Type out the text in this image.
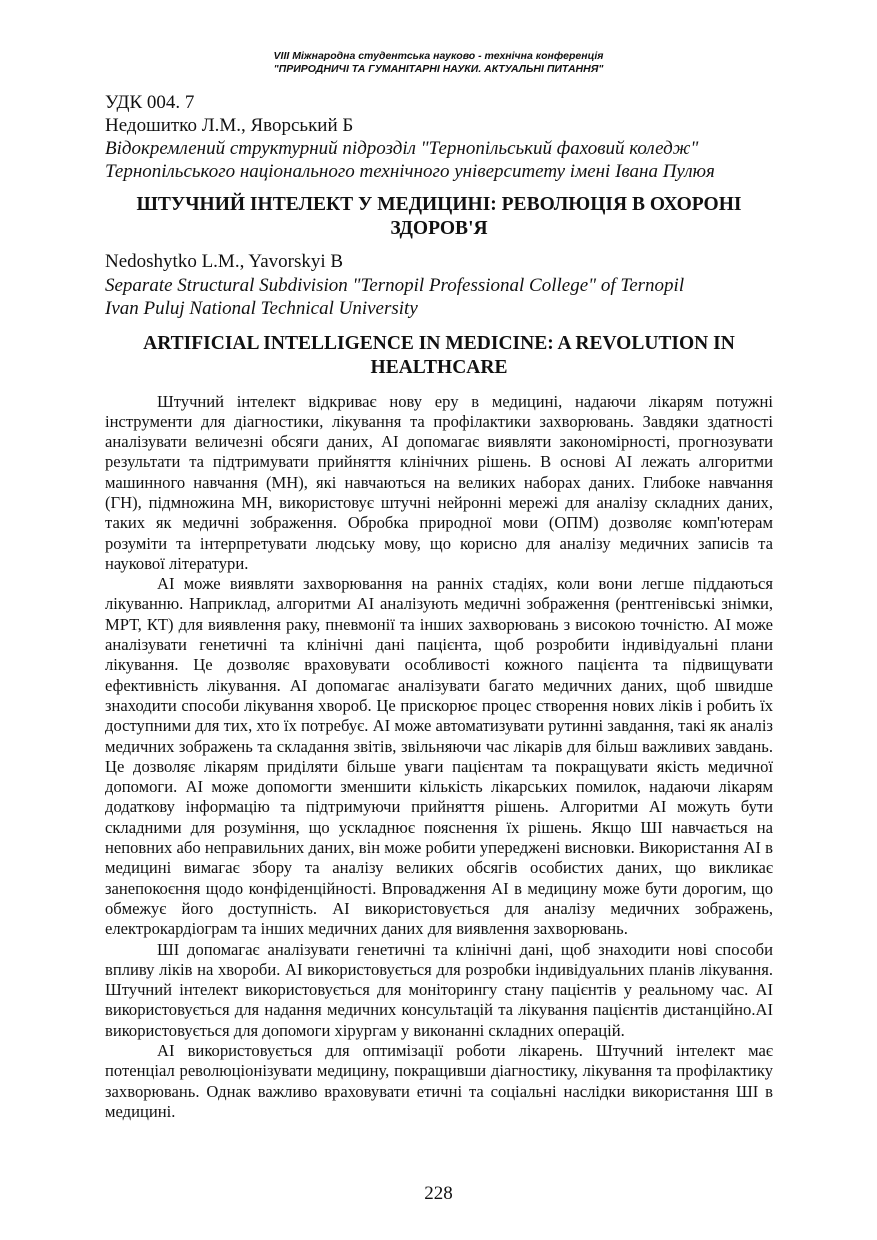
VIII Міжнародна студентська науково - технічна конференція
"ПРИРОДНИЧІ ТА ГУМАНІТАРНІ НАУКИ. АКТУАЛЬНІ ПИТАННЯ"

УДК 004. 7

Недошитко Л.М., Яворський Б

Відокремлений структурний підрозділ "Тернопільський фаховий коледж"

Тернопільського національного технічного університету імені Івана Пулюя

ШТУЧНИЙ ІНТЕЛЕКТ У МЕДИЦИНІ: РЕВОЛЮЦІЯ В ОХОРОНІ
ЗДОРОВ'Я

Nedoshytko L.M., Yavorskyi B

Separate Structural Subdivision "Ternopil Professional College" of Ternopil

Ivan Puluj National Technical University

ARTIFICIAL INTELLIGENCE IN MEDICINE: A REVOLUTION IN
HEALTHCARE

Штучний інтелект відкриває нову еру в медицині, надаючи лікарям потужні інструменти для діагностики, лікування та профілактики захворювань. Завдяки здатності аналізувати величезні обсяги даних, АІ допомагає виявляти закономірності, прогнозувати результати та підтримувати прийняття клінічних рішень. В основі АІ лежать алгоритми машинного навчання (МН), які навчаються на великих наборах даних. Глибоке навчання (ГН), підмножина МН, використовує штучні нейронні мережі для аналізу складних даних, таких як медичні зображення. Обробка природної мови (ОПМ) дозволяє комп'ютерам розуміти та інтерпретувати людську мову, що корисно для аналізу медичних записів та наукової літератури.

АІ може виявляти захворювання на ранніх стадіях, коли вони легше піддаються лікуванню. Наприклад, алгоритми АІ аналізують медичні зображення (рентгенівські знімки, МРТ, КТ) для виявлення раку, пневмонії та інших захворювань з високою точністю. АІ може аналізувати генетичні та клінічні дані пацієнта, щоб розробити індивідуальні плани лікування. Це дозволяє враховувати особливості кожного пацієнта та підвищувати ефективність лікування. АІ допомагає аналізувати багато медичних даних, щоб швидше знаходити способи лікування хвороб. Це прискорює процес створення нових ліків і робить їх доступними для тих, хто їх потребує. АІ може автоматизувати рутинні завдання, такі як аналіз медичних зображень та складання звітів, звільняючи час лікарів для більш важливих завдань. Це дозволяє лікарям приділяти більше уваги пацієнтам та покращувати якість медичної допомоги. АІ може допомогти зменшити кількість лікарських помилок, надаючи лікарям додаткову інформацію та підтримуючи прийняття рішень. Алгоритми АІ можуть бути складними для розуміння, що ускладнює пояснення їх рішень. Якщо ШІ навчається на неповних або неправильних даних, він може робити упереджені висновки. Використання АІ в медицині вимагає збору та аналізу великих обсягів особистих даних, що викликає занепокоєння щодо конфіденційності. Впровадження АІ в медицину може бути дорогим, що обмежує його доступність. АІ використовується для аналізу медичних зображень, електрокардіограм та інших медичних даних для виявлення захворювань.

ШІ допомагає аналізувати генетичні та клінічні дані, щоб знаходити нові способи впливу ліків на хвороби. АІ використовується для розробки індивідуальних планів лікування. Штучний інтелект використовується для моніторингу стану пацієнтів у реальному час. АІ використовується для надання медичних консультацій та лікування пацієнтів дистанційно.АІ використовується для допомоги хірургам у виконанні складних операцій.

АІ використовується для оптимізації роботи лікарень. Штучний інтелект має потенціал революціонізувати медицину, покращивши діагностику, лікування та профілактику захворювань. Однак важливо враховувати етичні та соціальні наслідки використання ШІ в медицині.

228
